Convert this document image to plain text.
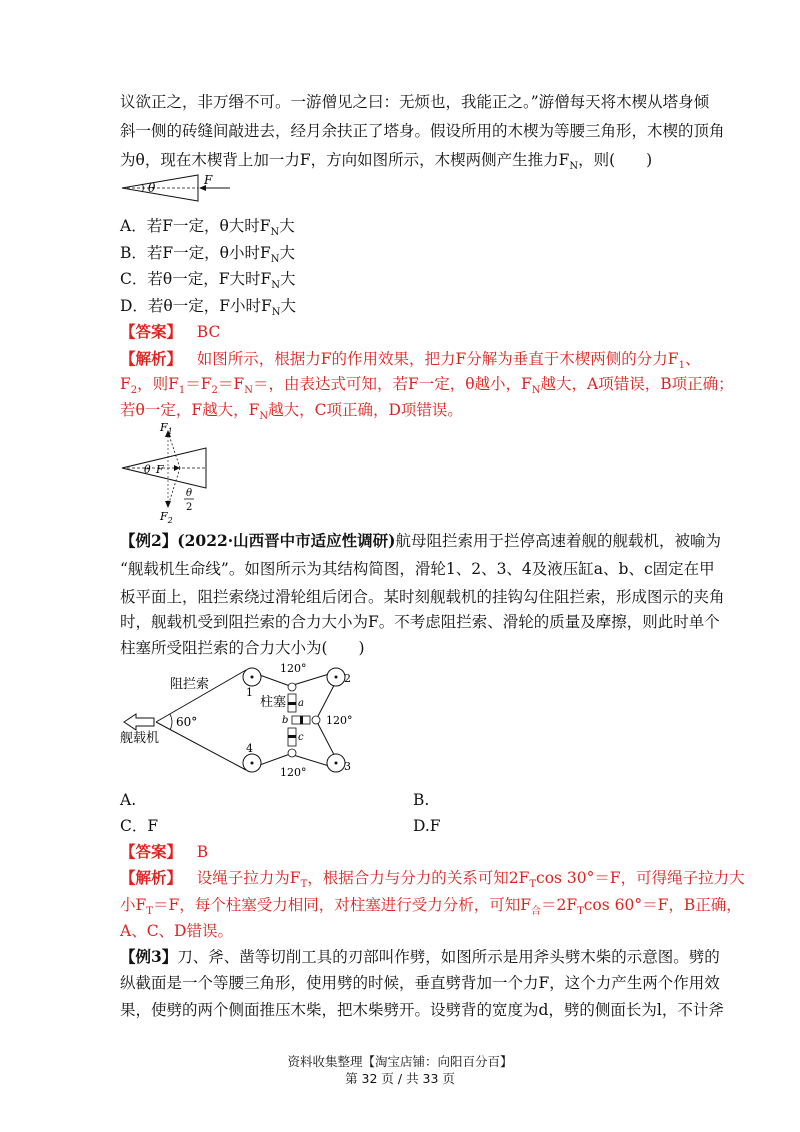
议欲正之，非万缗不可。一游僧见之曰：无烦也，我能正之。”游僧每天将木楔从塔身倾
斜一侧的砖缝间敲进去，经月余扶正了塔身。假设所用的木楔为等腰三角形，木楔的顶角
为θ，现在木楔背上加一力F，方向如图所示，木楔两侧产生推力$F_N$，则(　　)
θ
F
A．若F一定，θ大时$F_N$大
B．若F一定，θ小时$F_N$大
C．若θ一定，F大时$F_N$大
D．若θ一定，F小时$F_N$大
【答案】 BC
【解析】 如图所示，根据力F的作用效果，把力F分解为垂直于木楔两侧的分力$F_1$、
$F_2$，则$F_1=F_2=F_N=$，由表达式可知，若F一定，θ越小，$F_N$越大，A项错误，B项正确；
若θ一定，F越大，$F_N$越大，C项正确，D项错误。
$F_1$
$F_2$
θ F
θ
2
【例2】(2022·山西晋中市适应性调研)航母阻拦索用于拦停高速着舰的舰载机，被喻为
“舰载机生命线”。如图所示为其结构简图，滑轮1、2、3、4及液压缸a、b、c固定在甲
板平面上，阻拦索绕过滑轮组后闭合。某时刻舰载机的挂钩勾住阻拦索，形成图示的夹角
时，舰载机受到阻拦索的合力大小为F。不考虑阻拦索、滑轮的质量及摩擦，则此时单个
柱塞所受阻拦索的合力大小为(　　)
阻拦索
舰载机
柱塞
60°
120°
120°
120°
1
2
3
4
a
b
c
A.	B.
C．F	D.F
【答案】 B
【解析】 设绳子拉力为$F_T$，根据合力与分力的关系可知$2F_T\cos$ 30°＝F，可得绳子拉力大
小$F_T=F$，每个柱塞受力相同，对柱塞进行受力分析，可知$F_合=2F_T\cos$ 60°＝F，B正确，
A、C、D错误。
【例3】刀、斧、凿等切削工具的刃部叫作劈，如图所示是用斧头劈木柴的示意图。劈的
纵截面是一个等腰三角形，使用劈的时候，垂直劈背加一个力F，这个力产生两个作用效
果，使劈的两个侧面推压木柴，把木柴劈开。设劈背的宽度为d，劈的侧面长为l，不计斧
资料收集整理【淘宝店铺：向阳百分百】
第 32 页 / 共 33 页
